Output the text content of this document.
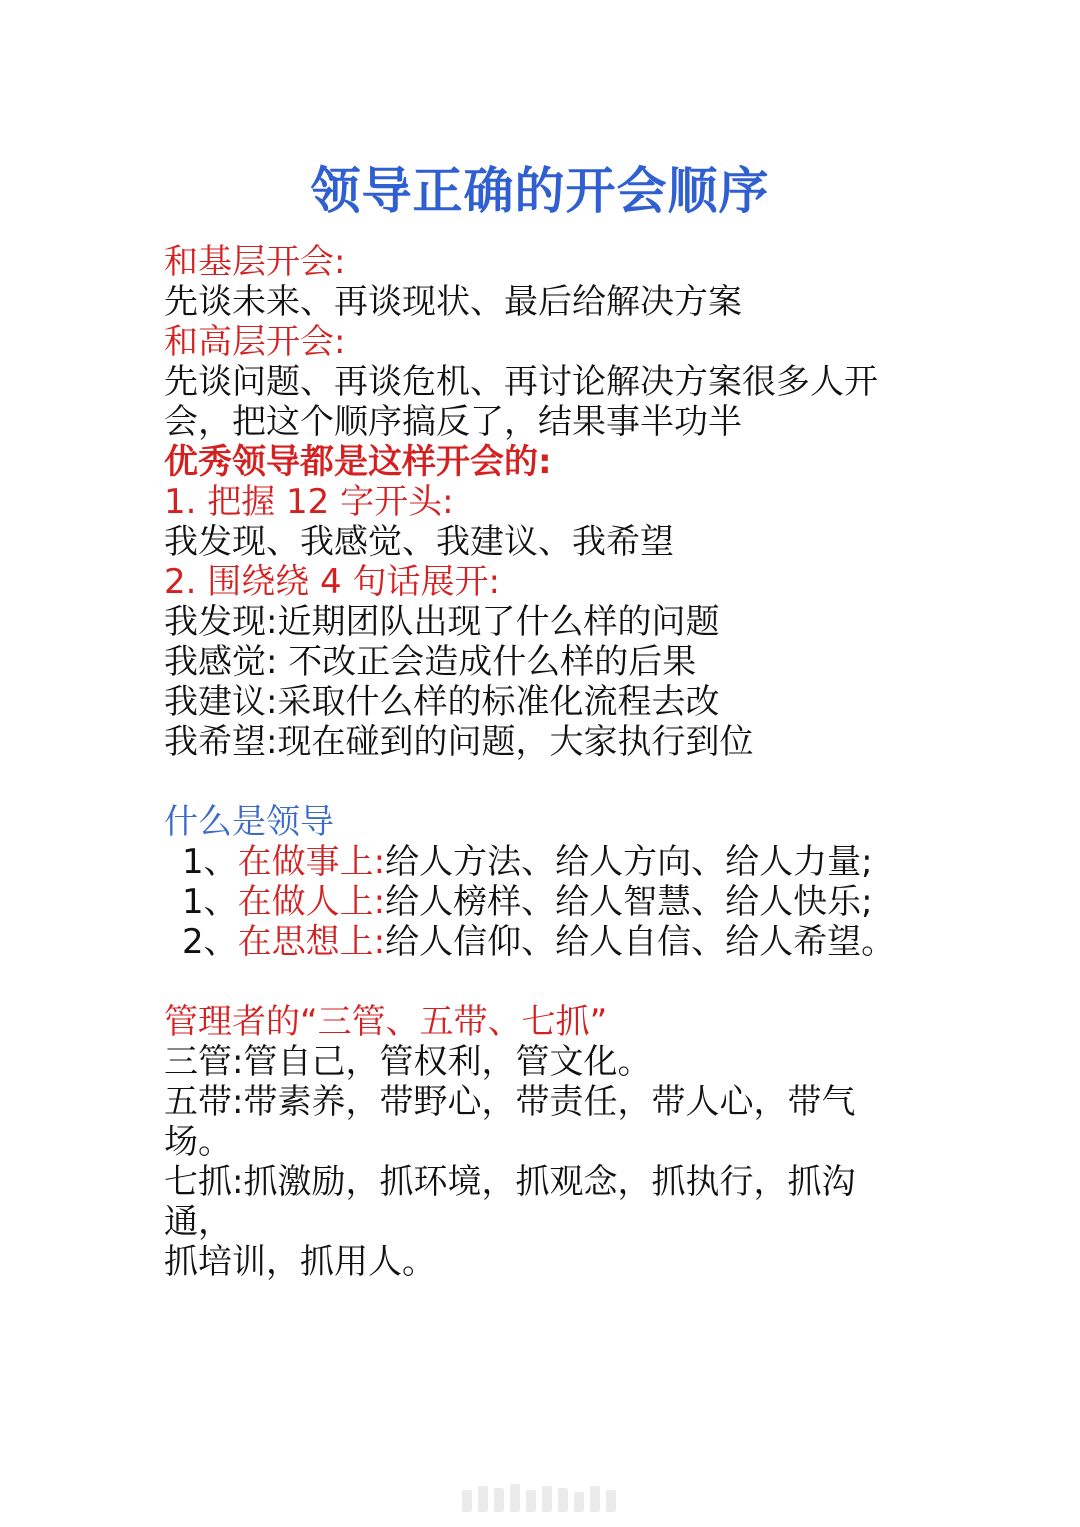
领导正确的开会顺序
和基层开会:
先谈未来、再谈现状、最后给解决方案
和高层开会:
先谈问题、再谈危机、再讨论解决方案很多人开
会，把这个顺序搞反了，结果事半功半
优秀领导都是这样开会的:
1. 把握 12 字开头:
我发现、我感觉、我建议、我希望
2. 围绕绕 4 句话展开:
我发现:近期团队出现了什么样的问题
我感觉: 不改正会造成什么样的后果
我建议:采取什么样的标准化流程去改
我希望:现在碰到的问题，大家执行到位
什么是领导
1、在做事上:给人方法、给人方向、给人力量;
1、在做人上:给人榜样、给人智慧、给人快乐;
2、在思想上:给人信仰、给人自信、给人希望。
管理者的“三管、五带、七抓”
三管:管自己，管权利，管文化。
五带:带素养，带野心，带责任，带人心，带气
场。
七抓:抓激励，抓环境，抓观念，抓执行，抓沟
通，
抓培训，抓用人。
